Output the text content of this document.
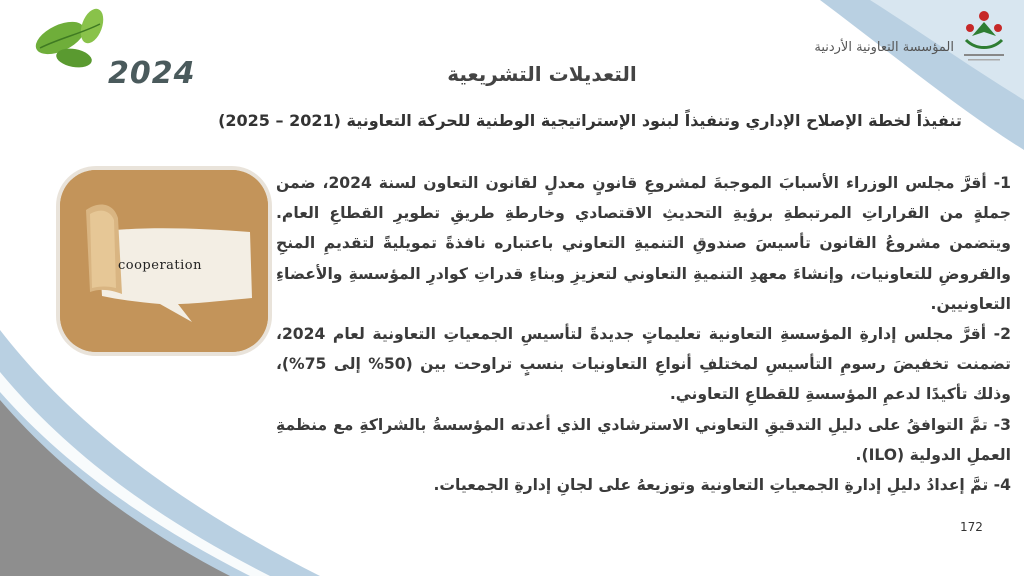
2024
المؤسسة التعاونية الأردنية
التعديلات التشريعية
تنفيذاً لخطة الإصلاح الإداري وتنفيذاً لبنود الإستراتيجية الوطنية للحركة التعاونية (2021 – 2025)
cooperation

1- أقرَّ مجلس الوزراء الأسبابَ الموجبةَ لمشروعِ قانونٍ معدلٍ لقانون التعاون لسنة 2024، ضمن جملةٍ من القراراتِ المرتبطةِ برؤيةِ التحديثِ الاقتصادي وخارطةِ طريقِ تطويرِ القطاعِ العام. ويتضمن مشروعُ القانون تأسيسَ صندوقِ التنميةِ التعاوني باعتباره نافذةً تمويليةً لتقديمِ المنحِ والقروضِ للتعاونيات، وإنشاءَ معهدِ التنميةِ التعاوني لتعزيزِ وبناءِ قدراتِ كوادرِ المؤسسةِ والأعضاءِ التعاونيين.

2- أقرَّ مجلس إدارةِ المؤسسةِ التعاونية تعليماتٍ جديدةً لتأسيسِ الجمعياتِ التعاونية لعام 2024، تضمنت تخفيضَ رسومِ التأسيسِ لمختلفِ أنواعِ التعاونيات بنسبٍ تراوحت بين (50% إلى 75%)، وذلك تأكيدًا لدعمِ المؤسسةِ للقطاعِ التعاوني.

3- تمَّ التوافقُ على دليلِ التدقيقِ التعاوني الاسترشادي الذي أعدته المؤسسةُ بالشراكةِ مع منظمةِ العملِ الدولية (ILO).

4- تمَّ إعدادُ دليلِ إدارةِ الجمعياتِ التعاونية وتوزيعهُ على لجانِ إدارةِ الجمعيات.

172
